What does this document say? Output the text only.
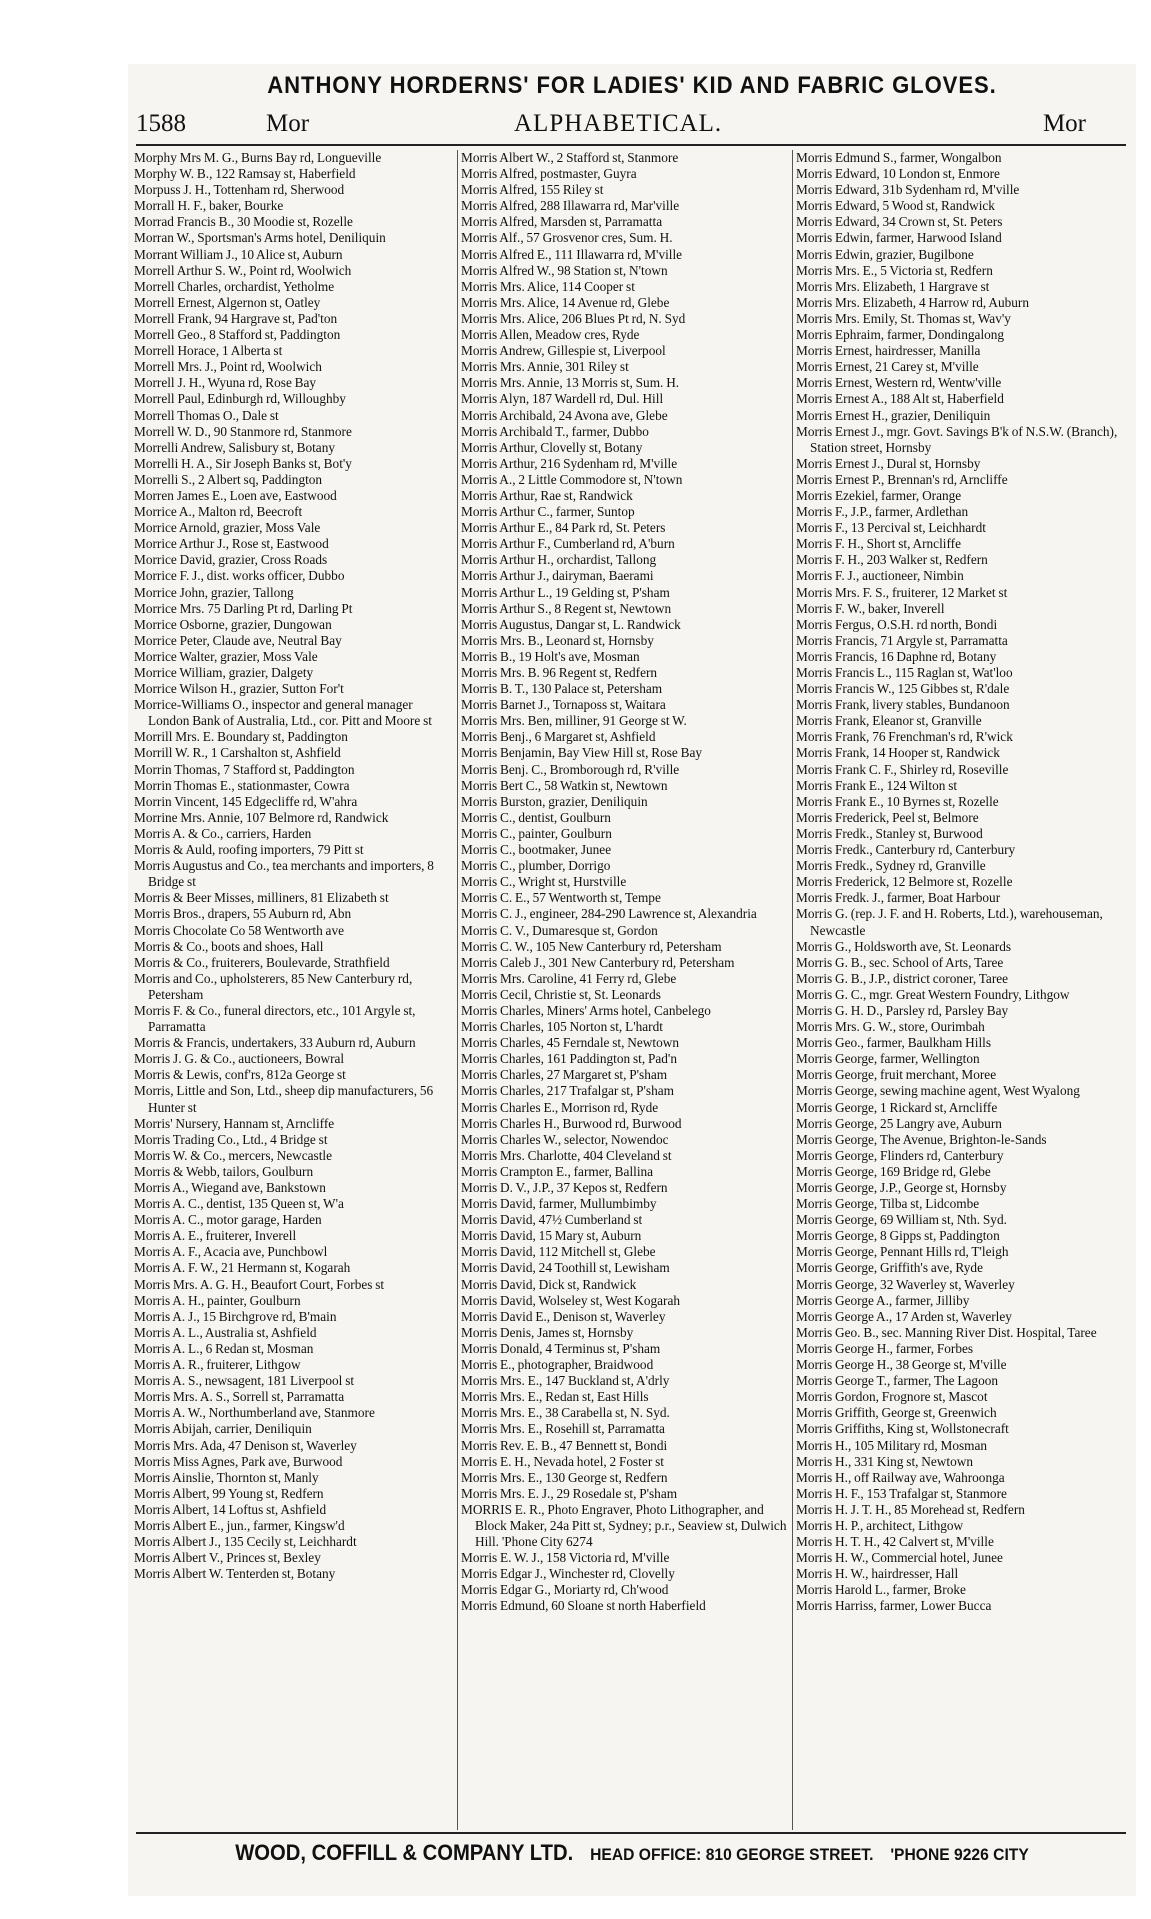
ANTHONY HORDERNS' FOR LADIES' KID AND FABRIC GLOVES.
1588	Mor	ALPHABETICAL.	Mor
Morphy Mrs M. G., Burns Bay rd, Longueville
Morphy W. B., 122 Ramsay st, Haberfield
Morpuss J. H., Tottenham rd, Sherwood
Morrall H. F., baker, Bourke
Morrad Francis B., 30 Moodie st, Rozelle
Morran W., Sportsman's Arms hotel, Deniliquin
Morrant William J., 10 Alice st, Auburn
Morrell Arthur S. W., Point rd, Woolwich
Morrell Charles, orchardist, Yetholme
Morrell Ernest, Algernon st, Oatley
Morrell Frank, 94 Hargrave st, Pad'ton
Morrell Geo., 8 Stafford st, Paddington
Morrell Horace, 1 Alberta st
Morrell Mrs. J., Point rd, Woolwich
Morrell J. H., Wyuna rd, Rose Bay
Morrell Paul, Edinburgh rd, Willoughby
Morrell Thomas O., Dale st
Morrell W. D., 90 Stanmore rd, Stanmore
Morrelli Andrew, Salisbury st, Botany
Morrelli H. A., Sir Joseph Banks st, Bot'y
Morrelli S., 2 Albert sq, Paddington
Morren James E., Loen ave, Eastwood
Morrice A., Malton rd, Beecroft
Morrice Arnold, grazier, Moss Vale
Morrice Arthur J., Rose st, Eastwood
Morrice David, grazier, Cross Roads
Morrice F. J., dist. works officer, Dubbo
Morrice John, grazier, Tallong
Morrice Mrs. 75 Darling Pt rd, Darling Pt
Morrice Osborne, grazier, Dungowan
Morrice Peter, Claude ave, Neutral Bay
Morrice Walter, grazier, Moss Vale
Morrice William, grazier, Dalgety
Morrice Wilson H., grazier, Sutton For't
Morrice-Williams O., inspector and general manager London Bank of Australia, Ltd., cor. Pitt and Moore st
Morrill Mrs. E. Boundary st, Paddington
Morrill W. R., 1 Carshalton st, Ashfield
Morrin Thomas, 7 Stafford st, Paddington
Morrin Thomas E., stationmaster, Cowra
Morrin Vincent, 145 Edgecliffe rd, W'ahra
Morrine Mrs. Annie, 107 Belmore rd, Randwick
Morris A. & Co., carriers, Harden
Morris & Auld, roofing importers, 79 Pitt st
Morris Augustus and Co., tea merchants and importers, 8 Bridge st
Morris & Beer Misses, milliners, 81 Elizabeth st
Morris Bros., drapers, 55 Auburn rd, Abn
Morris Chocolate Co 58 Wentworth ave
Morris & Co., boots and shoes, Hall
Morris & Co., fruiterers, Boulevarde, Strathfield
Morris and Co., upholsterers, 85 New Canterbury rd, Petersham
Morris F. & Co., funeral directors, etc., 101 Argyle st, Parramatta
Morris & Francis, undertakers, 33 Auburn rd, Auburn
Morris J. G. & Co., auctioneers, Bowral
Morris & Lewis, conf'rs, 812a George st
Morris, Little and Son, Ltd., sheep dip manufacturers, 56 Hunter st
Morris' Nursery, Hannam st, Arncliffe
Morris Trading Co., Ltd., 4 Bridge st
Morris W. & Co., mercers, Newcastle
Morris & Webb, tailors, Goulburn
Morris A., Wiegand ave, Bankstown
Morris A. C., dentist, 135 Queen st, W'a
Morris A. C., motor garage, Harden
Morris A. E., fruiterer, Inverell
Morris A. F., Acacia ave, Punchbowl
Morris A. F. W., 21 Hermann st, Kogarah
Morris Mrs. A. G. H., Beaufort Court, Forbes st
Morris A. H., painter, Goulburn
Morris A. J., 15 Birchgrove rd, B'main
Morris A. L., Australia st, Ashfield
Morris A. L., 6 Redan st, Mosman
Morris A. R., fruiterer, Lithgow
Morris A. S., newsagent, 181 Liverpool st
Morris Mrs. A. S., Sorrell st, Parramatta
Morris A. W., Northumberland ave, Stanmore
Morris Abijah, carrier, Deniliquin
Morris Mrs. Ada, 47 Denison st, Waverley
Morris Miss Agnes, Park ave, Burwood
Morris Ainslie, Thornton st, Manly
Morris Albert, 99 Young st, Redfern
Morris Albert, 14 Loftus st, Ashfield
Morris Albert E., jun., farmer, Kingsw'd
Morris Albert J., 135 Cecily st, Leichhardt
Morris Albert V., Princes st, Bexley
Morris Albert W. Tenterden st, Botany
Morris Albert W., 2 Stafford st, Stanmore
Morris Alfred, postmaster, Guyra
Morris Alfred, 155 Riley st
Morris Alfred, 288 Illawarra rd, Mar'ville
Morris Alfred, Marsden st, Parramatta
Morris Alf., 57 Grosvenor cres, Sum. H.
Morris Alfred E., 111 Illawarra rd, M'ville
Morris Alfred W., 98 Station st, N'town
Morris Mrs. Alice, 114 Cooper st
Morris Mrs. Alice, 14 Avenue rd, Glebe
Morris Mrs. Alice, 206 Blues Pt rd, N. Syd
Morris Allen, Meadow cres, Ryde
Morris Andrew, Gillespie st, Liverpool
Morris Mrs. Annie, 301 Riley st
Morris Mrs. Annie, 13 Morris st, Sum. H.
Morris Alyn, 187 Wardell rd, Dul. Hill
Morris Archibald, 24 Avona ave, Glebe
Morris Archibald T., farmer, Dubbo
Morris Arthur, Clovelly st, Botany
Morris Arthur, 216 Sydenham rd, M'ville
Morris A., 2 Little Commodore st, N'town
Morris Arthur, Rae st, Randwick
Morris Arthur C., farmer, Suntop
Morris Arthur E., 84 Park rd, St. Peters
Morris Arthur F., Cumberland rd, A'burn
Morris Arthur H., orchardist, Tallong
Morris Arthur J., dairyman, Baerami
Morris Arthur L., 19 Gelding st, P'sham
Morris Arthur S., 8 Regent st, Newtown
Morris Augustus, Dangar st, L. Randwick
Morris Mrs. B., Leonard st, Hornsby
Morris B., 19 Holt's ave, Mosman
Morris Mrs. B. 96 Regent st, Redfern
Morris B. T., 130 Palace st, Petersham
Morris Barnet J., Tornaposs st, Waitara
Morris Mrs. Ben, milliner, 91 George st W.
Morris Benj., 6 Margaret st, Ashfield
Morris Benjamin, Bay View Hill st, Rose Bay
Morris Benj. C., Bromborough rd, R'ville
Morris Bert C., 58 Watkin st, Newtown
Morris Burston, grazier, Deniliquin
Morris C., dentist, Goulburn
Morris C., painter, Goulburn
Morris C., bootmaker, Junee
Morris C., plumber, Dorrigo
Morris C., Wright st, Hurstville
Morris C. E., 57 Wentworth st, Tempe
Morris C. J., engineer, 284-290 Lawrence st, Alexandria
Morris C. V., Dumaresque st, Gordon
Morris C. W., 105 New Canterbury rd, Petersham
Morris Caleb J., 301 New Canterbury rd, Petersham
Morris Mrs. Caroline, 41 Ferry rd, Glebe
Morris Cecil, Christie st, St. Leonards
Morris Charles, Miners' Arms hotel, Canbelego
Morris Charles, 105 Norton st, L'hardt
Morris Charles, 45 Ferndale st, Newtown
Morris Charles, 161 Paddington st, Pad'n
Morris Charles, 27 Margaret st, P'sham
Morris Charles, 217 Trafalgar st, P'sham
Morris Charles E., Morrison rd, Ryde
Morris Charles H., Burwood rd, Burwood
Morris Charles W., selector, Nowendoc
Morris Mrs. Charlotte, 404 Cleveland st
Morris Crampton E., farmer, Ballina
Morris D. V., J.P., 37 Kepos st, Redfern
Morris David, farmer, Mullumbimby
Morris David, 47½ Cumberland st
Morris David, 15 Mary st, Auburn
Morris David, 112 Mitchell st, Glebe
Morris David, 24 Toothill st, Lewisham
Morris David, Dick st, Randwick
Morris David, Wolseley st, West Kogarah
Morris David E., Denison st, Waverley
Morris Denis, James st, Hornsby
Morris Donald, 4 Terminus st, P'sham
Morris E., photographer, Braidwood
Morris Mrs. E., 147 Buckland st, A'drly
Morris Mrs. E., Redan st, East Hills
Morris Mrs. E., 38 Carabella st, N. Syd.
Morris Mrs. E., Rosehill st, Parramatta
Morris Rev. E. B., 47 Bennett st, Bondi
Morris E. H., Nevada hotel, 2 Foster st
Morris Mrs. E., 130 George st, Redfern
Morris Mrs. E. J., 29 Rosedale st, P'sham
MORRIS E. R., Photo Engraver, Photo Lithographer, and Block Maker, 24a Pitt st, Sydney; p.r., Seaview st, Dulwich Hill. 'Phone City 6274
Morris E. W. J., 158 Victoria rd, M'ville
Morris Edgar J., Winchester rd, Clovelly
Morris Edgar G., Moriarty rd, Ch'wood
Morris Edmund, 60 Sloane st north Haberfield
Morris Edmund S., farmer, Wongalbon
Morris Edward, 10 London st, Enmore
Morris Edward, 31b Sydenham rd, M'ville
Morris Edward, 5 Wood st, Randwick
Morris Edward, 34 Crown st, St. Peters
Morris Edwin, farmer, Harwood Island
Morris Edwin, grazier, Bugilbone
Morris Mrs. E., 5 Victoria st, Redfern
Morris Mrs. Elizabeth, 1 Hargrave st
Morris Mrs. Elizabeth, 4 Harrow rd, Auburn
Morris Mrs. Emily, St. Thomas st, Wav'y
Morris Ephraim, farmer, Dondingalong
Morris Ernest, hairdresser, Manilla
Morris Ernest, 21 Carey st, M'ville
Morris Ernest, Western rd, Wentw'ville
Morris Ernest A., 188 Alt st, Haberfield
Morris Ernest H., grazier, Deniliquin
Morris Ernest J., mgr. Govt. Savings B'k of N.S.W. (Branch), Station street, Hornsby
Morris Ernest J., Dural st, Hornsby
Morris Ernest P., Brennan's rd, Arncliffe
Morris Ezekiel, farmer, Orange
Morris F., J.P., farmer, Ardlethan
Morris F., 13 Percival st, Leichhardt
Morris F. H., Short st, Arncliffe
Morris F. H., 203 Walker st, Redfern
Morris F. J., auctioneer, Nimbin
Morris Mrs. F. S., fruiterer, 12 Market st
Morris F. W., baker, Inverell
Morris Fergus, O.S.H. rd north, Bondi
Morris Francis, 71 Argyle st, Parramatta
Morris Francis, 16 Daphne rd, Botany
Morris Francis L., 115 Raglan st, Wat'loo
Morris Francis W., 125 Gibbes st, R'dale
Morris Frank, livery stables, Bundanoon
Morris Frank, Eleanor st, Granville
Morris Frank, 76 Frenchman's rd, R'wick
Morris Frank, 14 Hooper st, Randwick
Morris Frank C. F., Shirley rd, Roseville
Morris Frank E., 124 Wilton st
Morris Frank E., 10 Byrnes st, Rozelle
Morris Frederick, Peel st, Belmore
Morris Fredk., Stanley st, Burwood
Morris Fredk., Canterbury rd, Canterbury
Morris Fredk., Sydney rd, Granville
Morris Frederick, 12 Belmore st, Rozelle
Morris Fredk. J., farmer, Boat Harbour
Morris G. (rep. J. F. and H. Roberts, Ltd.), warehouseman, Newcastle
Morris G., Holdsworth ave, St. Leonards
Morris G. B., sec. School of Arts, Taree
Morris G. B., J.P., district coroner, Taree
Morris G. C., mgr. Great Western Foundry, Lithgow
Morris G. H. D., Parsley rd, Parsley Bay
Morris Mrs. G. W., store, Ourimbah
Morris Geo., farmer, Baulkham Hills
Morris George, farmer, Wellington
Morris George, fruit merchant, Moree
Morris George, sewing machine agent, West Wyalong
Morris George, 1 Rickard st, Arncliffe
Morris George, 25 Langry ave, Auburn
Morris George, The Avenue, Brighton-le-Sands
Morris George, Flinders rd, Canterbury
Morris George, 169 Bridge rd, Glebe
Morris George, J.P., George st, Hornsby
Morris George, Tilba st, Lidcombe
Morris George, 69 William st, Nth. Syd.
Morris George, 8 Gipps st, Paddington
Morris George, Pennant Hills rd, T'leigh
Morris George, Griffith's ave, Ryde
Morris George, 32 Waverley st, Waverley
Morris George A., farmer, Jilliby
Morris George A., 17 Arden st, Waverley
Morris Geo. B., sec. Manning River Dist. Hospital, Taree
Morris George H., farmer, Forbes
Morris George H., 38 George st, M'ville
Morris George T., farmer, The Lagoon
Morris Gordon, Frognore st, Mascot
Morris Griffith, George st, Greenwich
Morris Griffiths, King st, Wollstonecraft
Morris H., 105 Military rd, Mosman
Morris H., 331 King st, Newtown
Morris H., off Railway ave, Wahroonga
Morris H. F., 153 Trafalgar st, Stanmore
Morris H. J. T. H., 85 Morehead st, Redfern
Morris H. P., architect, Lithgow
Morris H. T. H., 42 Calvert st, M'ville
Morris H. W., Commercial hotel, Junee
Morris H. W., hairdresser, Hall
Morris Harold L., farmer, Broke
Morris Harriss, farmer, Lower Bucca
WOOD, COFFILL & COMPANY LTD. HEAD OFFICE: 810 GEORGE STREET. 'PHONE 9226 CITY
